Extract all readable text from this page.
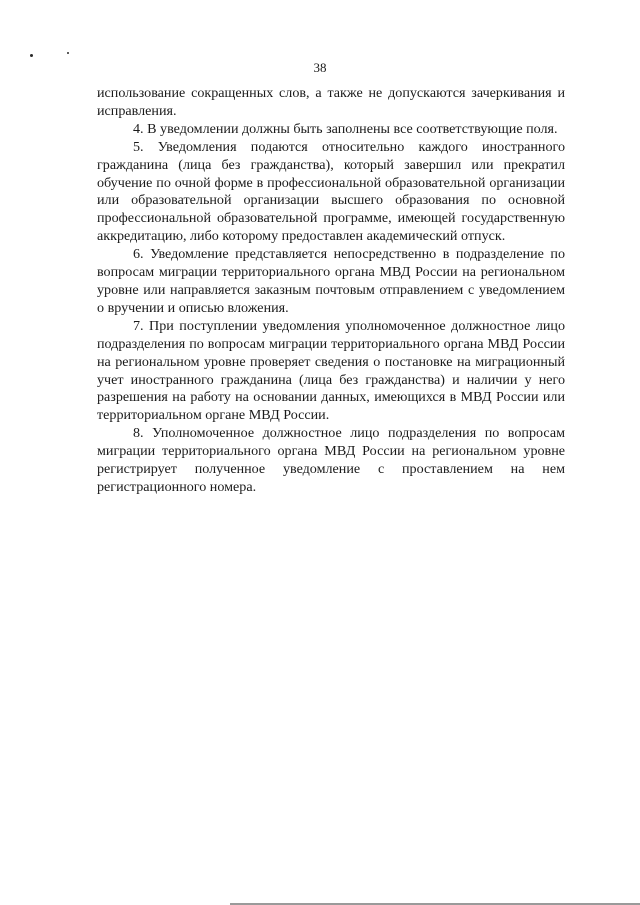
38

использование сокращенных слов, а также не допускаются зачеркивания и исправления.

4. В уведомлении должны быть заполнены все соответствующие поля.

5. Уведомления подаются относительно каждого иностранного гражданина (лица без гражданства), который завершил или прекратил обучение по очной форме в профессиональной образовательной организации или образовательной организации высшего образования по основной профессиональной образовательной программе, имеющей государственную аккредитацию, либо которому предоставлен академический отпуск.

6. Уведомление представляется непосредственно в подразделение по вопросам миграции территориального органа МВД России на региональном уровне или направляется заказным почтовым отправлением с уведомлением о вручении и описью вложения.

7. При поступлении уведомления уполномоченное должностное лицо подразделения по вопросам миграции территориального органа МВД России на региональном уровне проверяет сведения о постановке на миграционный учет иностранного гражданина (лица без гражданства) и наличии у него разрешения на работу на основании данных, имеющихся в МВД России или территориальном органе МВД России.

8. Уполномоченное должностное лицо подразделения по вопросам миграции территориального органа МВД России на региональном уровне регистрирует полученное уведомление с проставлением на нем регистрационного номера.
